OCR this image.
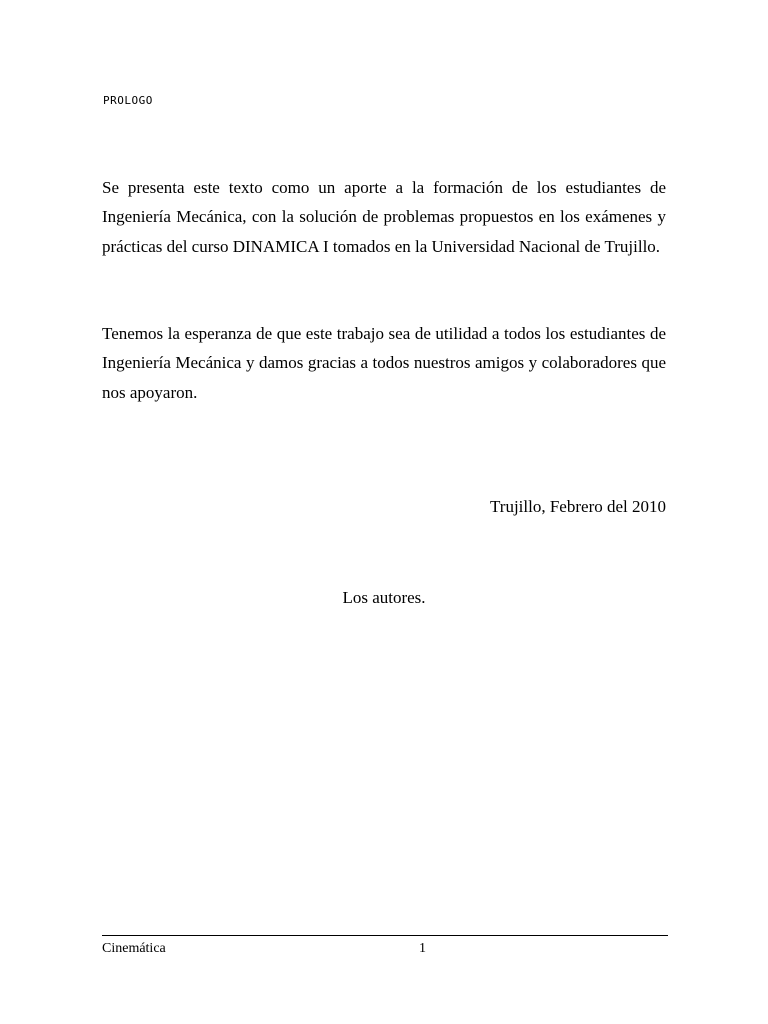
PROLOGO

Se presenta este texto como un aporte a la formación de los estudiantes de Ingeniería Mecánica, con la solución de problemas propuestos en los exámenes y prácticas del curso DINAMICA I tomados en la Universidad Nacional de Trujillo.

Tenemos la esperanza de que este trabajo sea de utilidad a todos los estudiantes de Ingeniería Mecánica y damos gracias a todos nuestros amigos y colaboradores que nos apoyaron.

Trujillo, Febrero del 2010
Los autores.
Cinemática	1
